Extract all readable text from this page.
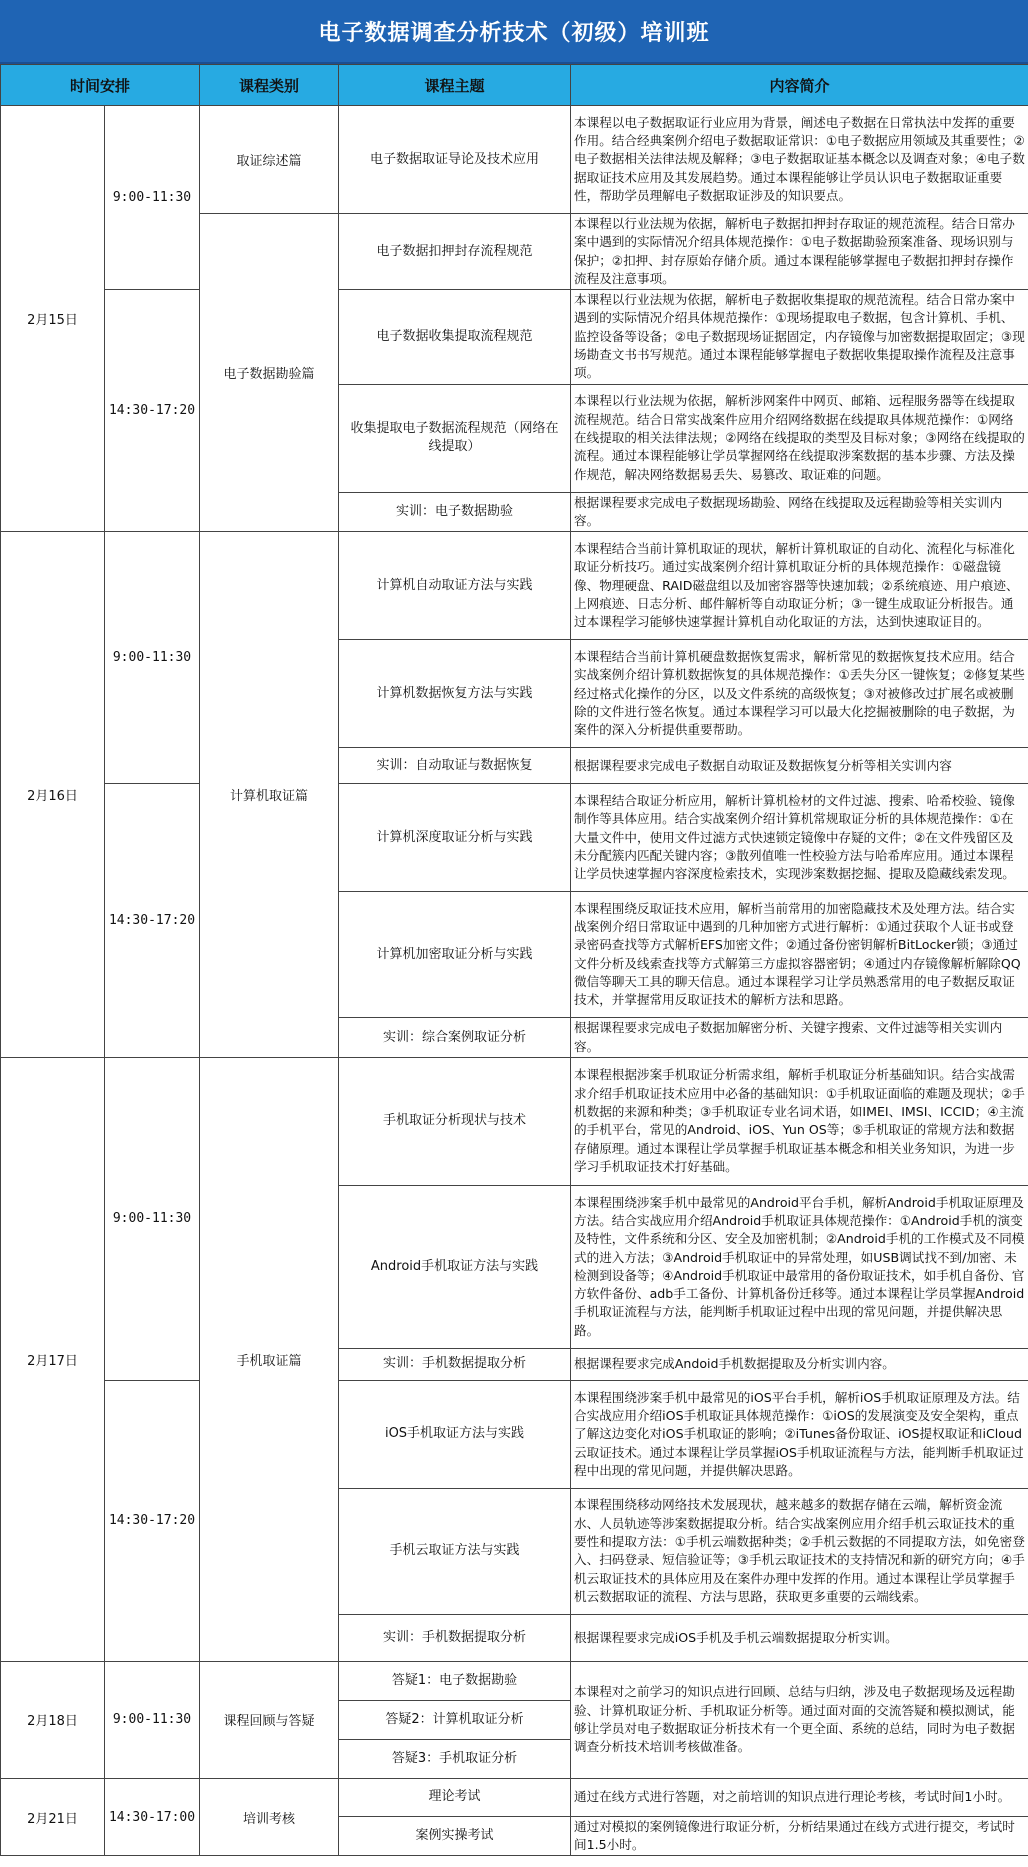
电子数据调查分析技术（初级）培训班
时间安排		课程类别	课程主题	内容简介
2月15日	9:00-11:30	取证综述篇	电子数据取证导论及技术应用	本课程以电子数据取证行业应用为背景，阐述电子数据在日常执法中发挥的重要作用。结合经典案例介绍电子数据取证常识：①电子数据应用领域及其重要性；②电子数据相关法律法规及解释；③电子数据取证基本概念以及调查对象；④电子数据取证技术应用及其发展趋势。通过本课程能够让学员认识电子数据取证重要性，帮助学员理解电子数据取证涉及的知识要点。
		电子数据勘验篇	电子数据扣押封存流程规范	本课程以行业法规为依据，解析电子数据扣押封存取证的规范流程。结合日常办案中遇到的实际情况介绍具体规范操作：①电子数据勘验预案准备、现场识别与保护；②扣押、封存原始存储介质。通过本课程能够掌握电子数据扣押封存操作流程及注意事项。
	14:30-17:20		电子数据收集提取流程规范	本课程以行业法规为依据，解析电子数据收集提取的规范流程。结合日常办案中遇到的实际情况介绍具体规范操作：①现场提取电子数据，包含计算机、手机、监控设备等设备；②电子数据现场证据固定，内存镜像与加密数据提取固定；③现场勘查文书书写规范。通过本课程能够掌握电子数据收集提取操作流程及注意事项。
			收集提取电子数据流程规范（网络在线提取）	本课程以行业法规为依据，解析涉网案件中网页、邮箱、远程服务器等在线提取流程规范。结合日常实战案件应用介绍网络数据在线提取具体规范操作：①网络在线提取的相关法律法规；②网络在线提取的类型及目标对象；③网络在线提取的流程。通过本课程能够让学员掌握网络在线提取涉案数据的基本步骤、方法及操作规范，解决网络数据易丢失、易篡改、取证难的问题。
			实训：电子数据勘验	根据课程要求完成电子数据现场勘验、网络在线提取及远程勘验等相关实训内容。
2月16日	9:00-11:30	计算机取证篇	计算机自动取证方法与实践	本课程结合当前计算机取证的现状，解析计算机取证的自动化、流程化与标准化取证分析技巧。通过实战案例介绍计算机取证分析的具体规范操作：①磁盘镜像、物理硬盘、RAID磁盘组以及加密容器等快速加载；②系统痕迹、用户痕迹、上网痕迹、日志分析、邮件解析等自动取证分析；③一键生成取证分析报告。通过本课程学习能够快速掌握计算机自动化取证的方法，达到快速取证目的。
			计算机数据恢复方法与实践	本课程结合当前计算机硬盘数据恢复需求，解析常见的数据恢复技术应用。结合实战案例介绍计算机数据恢复的具体规范操作：①丢失分区一键恢复；②修复某些经过格式化操作的分区，以及文件系统的高级恢复；③对被修改过扩展名或被删除的文件进行签名恢复。通过本课程学习可以最大化挖掘被删除的电子数据，为案件的深入分析提供重要帮助。
			实训：自动取证与数据恢复	根据课程要求完成电子数据自动取证及数据恢复分析等相关实训内容
	14:30-17:20		计算机深度取证分析与实践	本课程结合取证分析应用，解析计算机检材的文件过滤、搜索、哈希校验、镜像制作等具体应用。结合实战案例介绍计算机常规取证分析的具体规范操作：①在大量文件中，使用文件过滤方式快速锁定镜像中存疑的文件；②在文件残留区及未分配簇内匹配关键内容；③散列值唯一性校验方法与哈希库应用。通过本课程让学员快速掌握内容深度检索技术，实现涉案数据挖掘、提取及隐藏线索发现。
			计算机加密取证分析与实践	本课程围绕反取证技术应用，解析当前常用的加密隐藏技术及处理方法。结合实战案例介绍日常取证中遇到的几种加密方式进行解析：①通过获取个人证书或登录密码查找等方式解析EFS加密文件；②通过备份密钥解析BitLocker锁；③通过文件分析及线索查找等方式解第三方虚拟容器密钥；④通过内存镜像解析解除QQ微信等聊天工具的聊天信息。通过本课程学习让学员熟悉常用的电子数据反取证技术，并掌握常用反取证技术的解析方法和思路。
			实训：综合案例取证分析	根据课程要求完成电子数据加解密分析、关键字搜索、文件过滤等相关实训内容。
2月17日	9:00-11:30	手机取证篇	手机取证分析现状与技术	本课程根据涉案手机取证分析需求组，解析手机取证分析基础知识。结合实战需求介绍手机取证技术应用中必备的基础知识：①手机取证面临的难题及现状；②手机数据的来源和种类；③手机取证专业名词术语，如IMEI、IMSI、ICCID；④主流的手机平台，常见的Android、iOS、Yun OS等；⑤手机取证的常规方法和数据存储原理。通过本课程让学员掌握手机取证基本概念和相关业务知识，为进一步学习手机取证技术打好基础。
			Android手机取证方法与实践	本课程围绕涉案手机中最常见的Android平台手机，解析Android手机取证原理及方法。结合实战应用介绍Android手机取证具体规范操作：①Android手机的演变及特性，文件系统和分区、安全及加密机制；②Android手机的工作模式及不同模式的进入方法；③Android手机取证中的异常处理，如USB调试找不到/加密、未检测到设备等；④Android手机取证中最常用的备份取证技术，如手机自备份、官方软件备份、adb手工备份、计算机备份迁移等。通过本课程让学员掌握Android手机取证流程与方法，能判断手机取证过程中出现的常见问题，并提供解决思路。
			实训：手机数据提取分析	根据课程要求完成Andoid手机数据提取及分析实训内容。
	14:30-17:20		iOS手机取证方法与实践	本课程围绕涉案手机中最常见的iOS平台手机，解析iOS手机取证原理及方法。结合实战应用介绍iOS手机取证具体规范操作：①iOS的发展演变及安全架构，重点了解这边变化对iOS手机取证的影响；②iTunes备份取证、iOS提权取证和iCloud云取证技术。通过本课程让学员掌握iOS手机取证流程与方法，能判断手机取证过程中出现的常见问题，并提供解决思路。
			手机云取证方法与实践	本课程围绕移动网络技术发展现状，越来越多的数据存储在云端，解析资金流水、人员轨迹等涉案数据提取分析。结合实战案例应用介绍手机云取证技术的重要性和提取方法：①手机云端数据种类；②手机云数据的不同提取方法，如免密登入、扫码登录、短信验证等；③手机云取证技术的支持情况和新的研究方向；④手机云取证技术的具体应用及在案件办理中发挥的作用。通过本课程让学员掌握手机云数据取证的流程、方法与思路，获取更多重要的云端线索。
			实训：手机数据提取分析	根据课程要求完成iOS手机及手机云端数据提取分析实训。
2月18日	9:00-11:30	课程回顾与答疑	答疑1：电子数据勘验	本课程对之前学习的知识点进行回顾、总结与归纳，涉及电子数据现场及远程勘验、计算机取证分析、手机取证分析等。通过面对面的交流答疑和模拟测试，能够让学员对电子数据取证分析技术有一个更全面、系统的总结，同时为电子数据调查分析技术培训考核做准备。
			答疑2：计算机取证分析	
			答疑3：手机取证分析	
2月21日	14:30-17:00	培训考核	理论考试	通过在线方式进行答题，对之前培训的知识点进行理论考核，考试时间1小时。
			案例实操考试	通过对模拟的案例镜像进行取证分析，分析结果通过在线方式进行提交，考试时间1.5小时。
